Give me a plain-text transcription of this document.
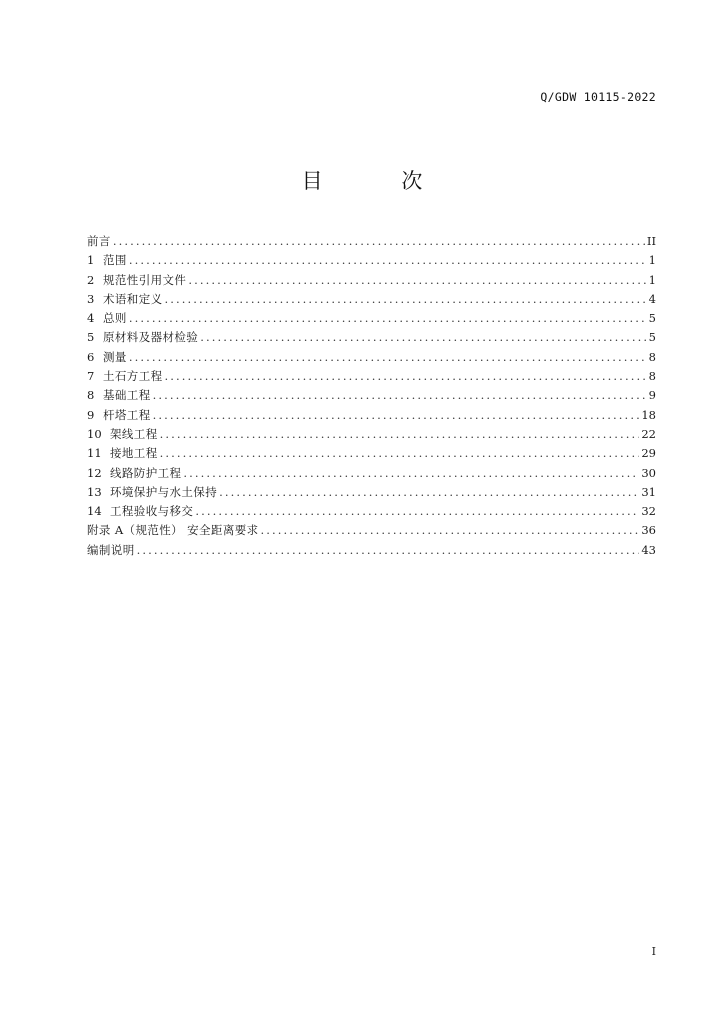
Q/GDW 10115-2022
目 次
前言 .....	II
1 范围 .....	1
2 规范性引用文件 .....	1
3 术语和定义 .....	4
4 总则 .....	5
5 原材料及器材检验 .....	5
6 测量 .....	8
7 土石方工程 .....	8
8 基础工程 .....	9
9 杆塔工程 .....	18
10 架线工程 .....	22
11 接地工程 .....	29
12 线路防护工程 .....	30
13 环境保护与水土保持 .....	31
14 工程验收与移交 .....	32
附录 A（规范性） 安全距离要求 .....	36
编制说明 .....	43
I
